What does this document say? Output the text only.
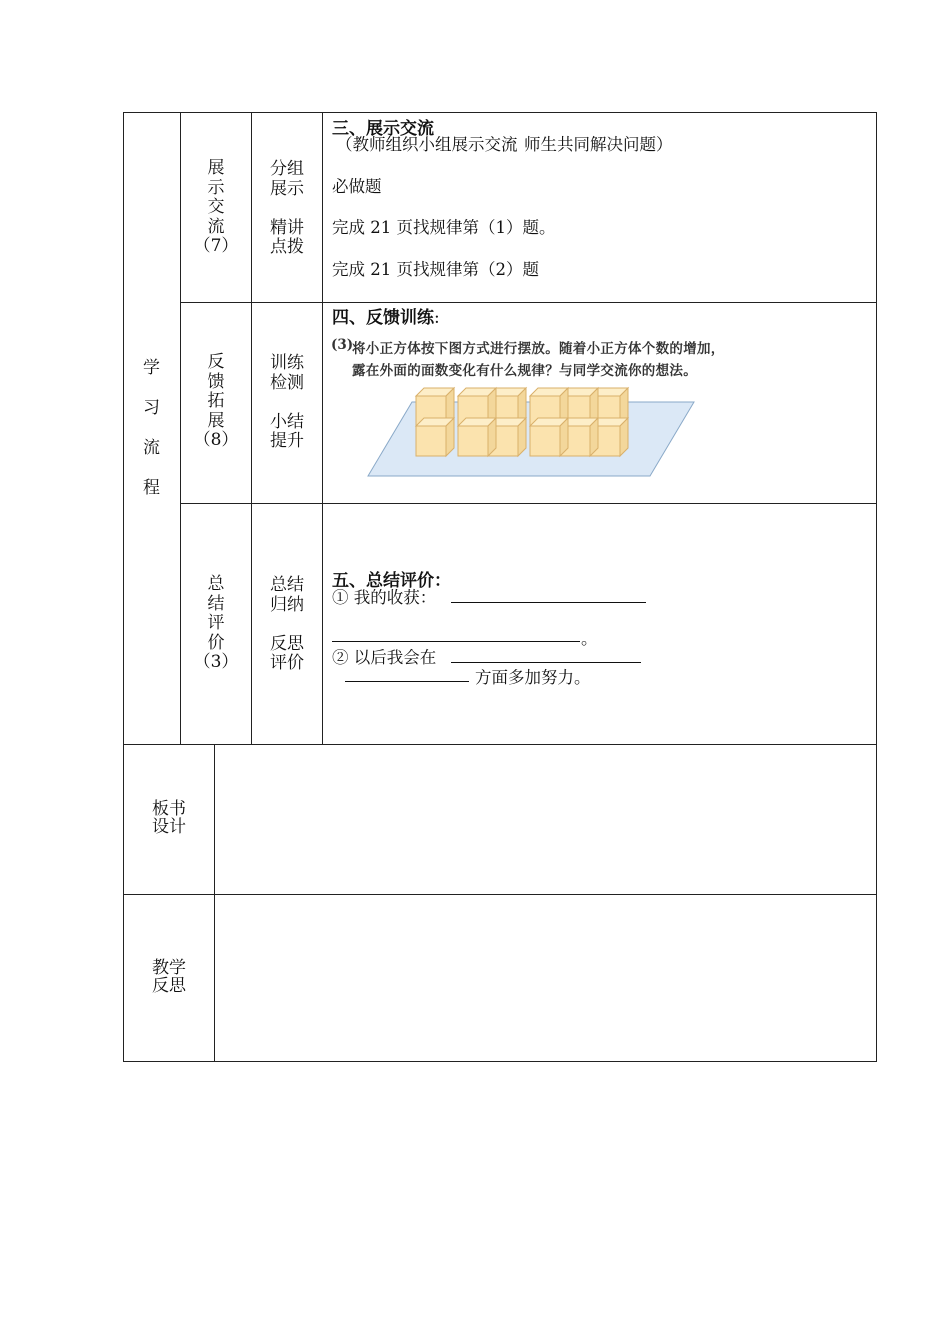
学

习

流

程
展
示
交
流
（7）
分组
展示

精讲
点拨
反
馈
拓
展
（8）
训练
检测

小结
提升
总
结
评
价
（3）
总结
归纳

反思
评价
三、展示交流
（教师组织小组展示交流 师生共同解决问题）
必做题
完成 21 页找规律第（1）题。
完成 21 页找规律第（2）题
四、反馈训练:
(3)
将小正方体按下图方式进行摆放。随着小正方体个数的增加，
露在外面的面数变化有什么规律？与同学交流你的想法。
五、总结评价：
① 我的收获：
。
② 以后我会在
方面多加努力。
板书
设计
教学
反思
